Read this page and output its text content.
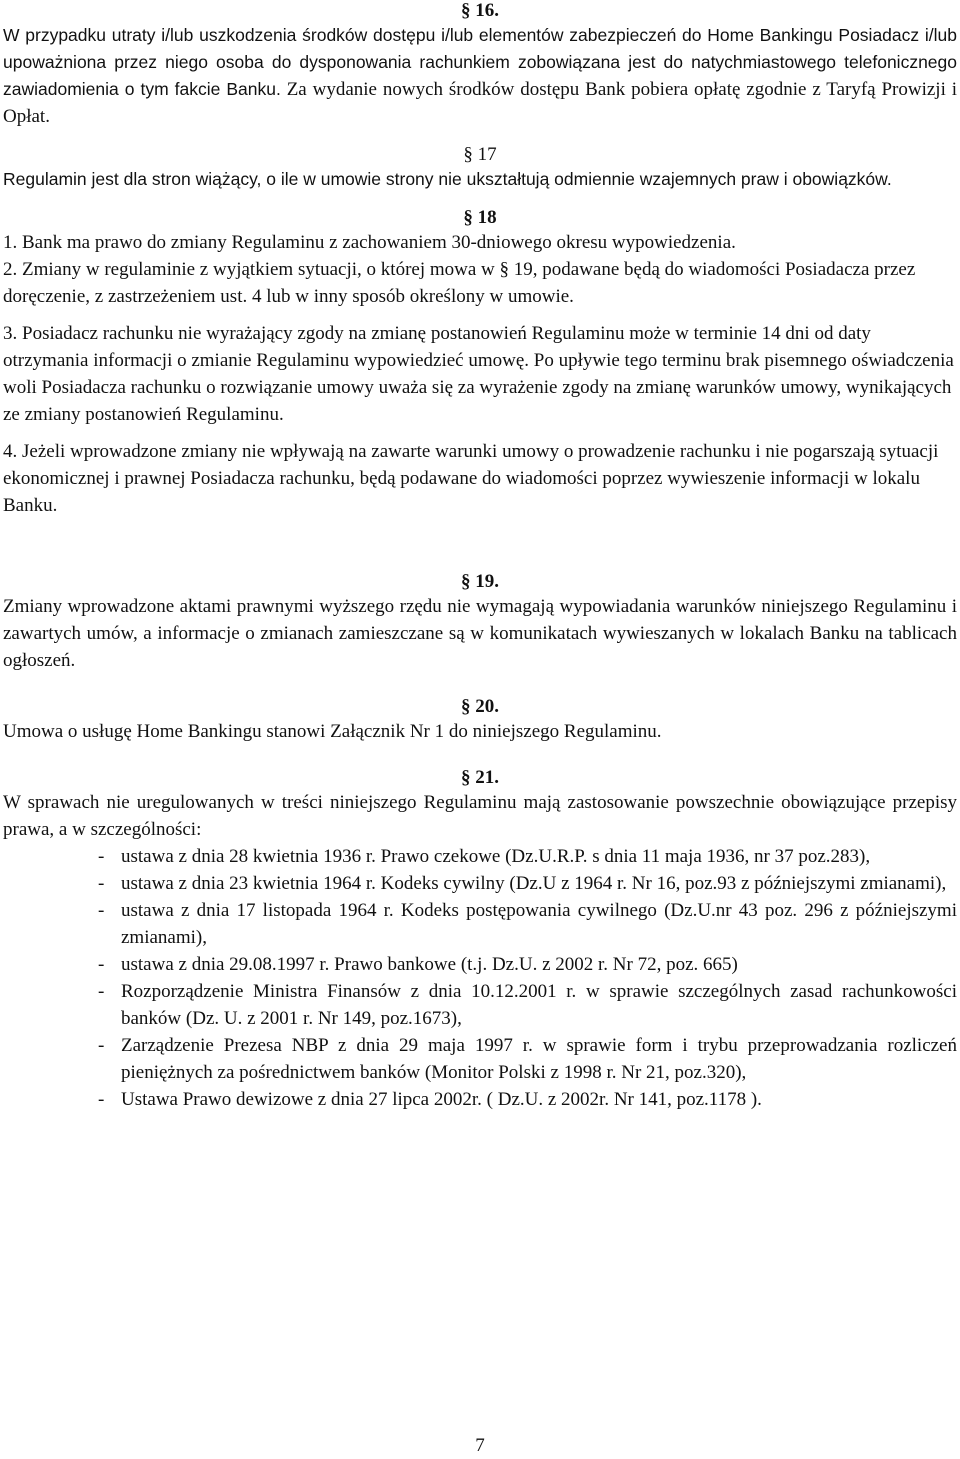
§ 16.

W przypadku utraty i/lub uszkodzenia środków dostępu i/lub elementów zabezpieczeń do Home Bankingu Posiadacz i/lub upoważniona przez niego osoba do dysponowania rachunkiem zobowiązana jest do natychmiastowego telefonicznego zawiadomienia o tym fakcie Banku. Za wydanie nowych środków dostępu Bank pobiera opłatę zgodnie z Taryfą Prowizji i Opłat.

§ 17

Regulamin jest dla stron wiążący, o ile w umowie strony nie ukształtują odmiennie wzajemnych praw i obowiązków.

§ 18
1. Bank ma prawo do zmiany Regulaminu z zachowaniem 30-dniowego okresu wypowiedzenia.
2. Zmiany w regulaminie z wyjątkiem sytuacji, o której mowa w § 19, podawane będą do wiadomości Posiadacza przez doręczenie, z zastrzeżeniem ust. 4 lub w inny sposób określony w umowie.
3. Posiadacz rachunku nie wyrażający zgody na zmianę postanowień Regulaminu może w terminie 14 dni od daty otrzymania informacji o zmianie Regulaminu wypowiedzieć umowę. Po upływie tego terminu brak pisemnego oświadczenia woli Posiadacza rachunku o rozwiązanie umowy uważa się za wyrażenie zgody na zmianę warunków umowy, wynikających ze zmiany postanowień Regulaminu.
4. Jeżeli wprowadzone zmiany nie wpływają na zawarte warunki umowy o prowadzenie rachunku i nie pogarszają sytuacji ekonomicznej i prawnej Posiadacza rachunku, będą podawane do wiadomości poprzez wywieszenie informacji w lokalu Banku.
§ 19.

Zmiany wprowadzone aktami prawnymi wyższego rzędu nie wymagają wypowiadania warunków niniejszego Regulaminu i zawartych umów, a informacje o zmianach zamieszczane są w komunikatach wywieszanych w lokalach Banku na tablicach ogłoszeń.

§ 20.

Umowa o usługę Home Bankingu stanowi Załącznik Nr 1 do niniejszego Regulaminu.

§ 21.

W sprawach nie uregulowanych w treści niniejszego Regulaminu mają zastosowanie powszechnie obowiązujące przepisy prawa, a w szczególności:

- ustawa z dnia 28 kwietnia 1936 r. Prawo czekowe (Dz.U.R.P. s dnia 11 maja 1936, nr 37 poz.283),
- ustawa z dnia 23 kwietnia 1964 r. Kodeks cywilny (Dz.U z 1964 r. Nr 16, poz.93 z późniejszymi zmianami),
- ustawa z dnia 17 listopada 1964 r. Kodeks postępowania cywilnego (Dz.U.nr 43 poz. 296 z późniejszymi zmianami),
- ustawa z dnia 29.08.1997 r. Prawo bankowe (t.j. Dz.U. z 2002 r. Nr 72, poz. 665)
- Rozporządzenie Ministra Finansów z dnia 10.12.2001 r. w sprawie szczególnych zasad rachunkowości banków (Dz. U. z 2001 r. Nr 149, poz.1673),
- Zarządzenie Prezesa NBP z dnia 29 maja 1997 r. w sprawie form i trybu przeprowadzania rozliczeń pieniężnych za pośrednictwem banków (Monitor Polski z 1998 r. Nr 21, poz.320),
- Ustawa Prawo dewizowe z dnia 27 lipca 2002r. ( Dz.U. z 2002r. Nr 141, poz.1178 ).
7
